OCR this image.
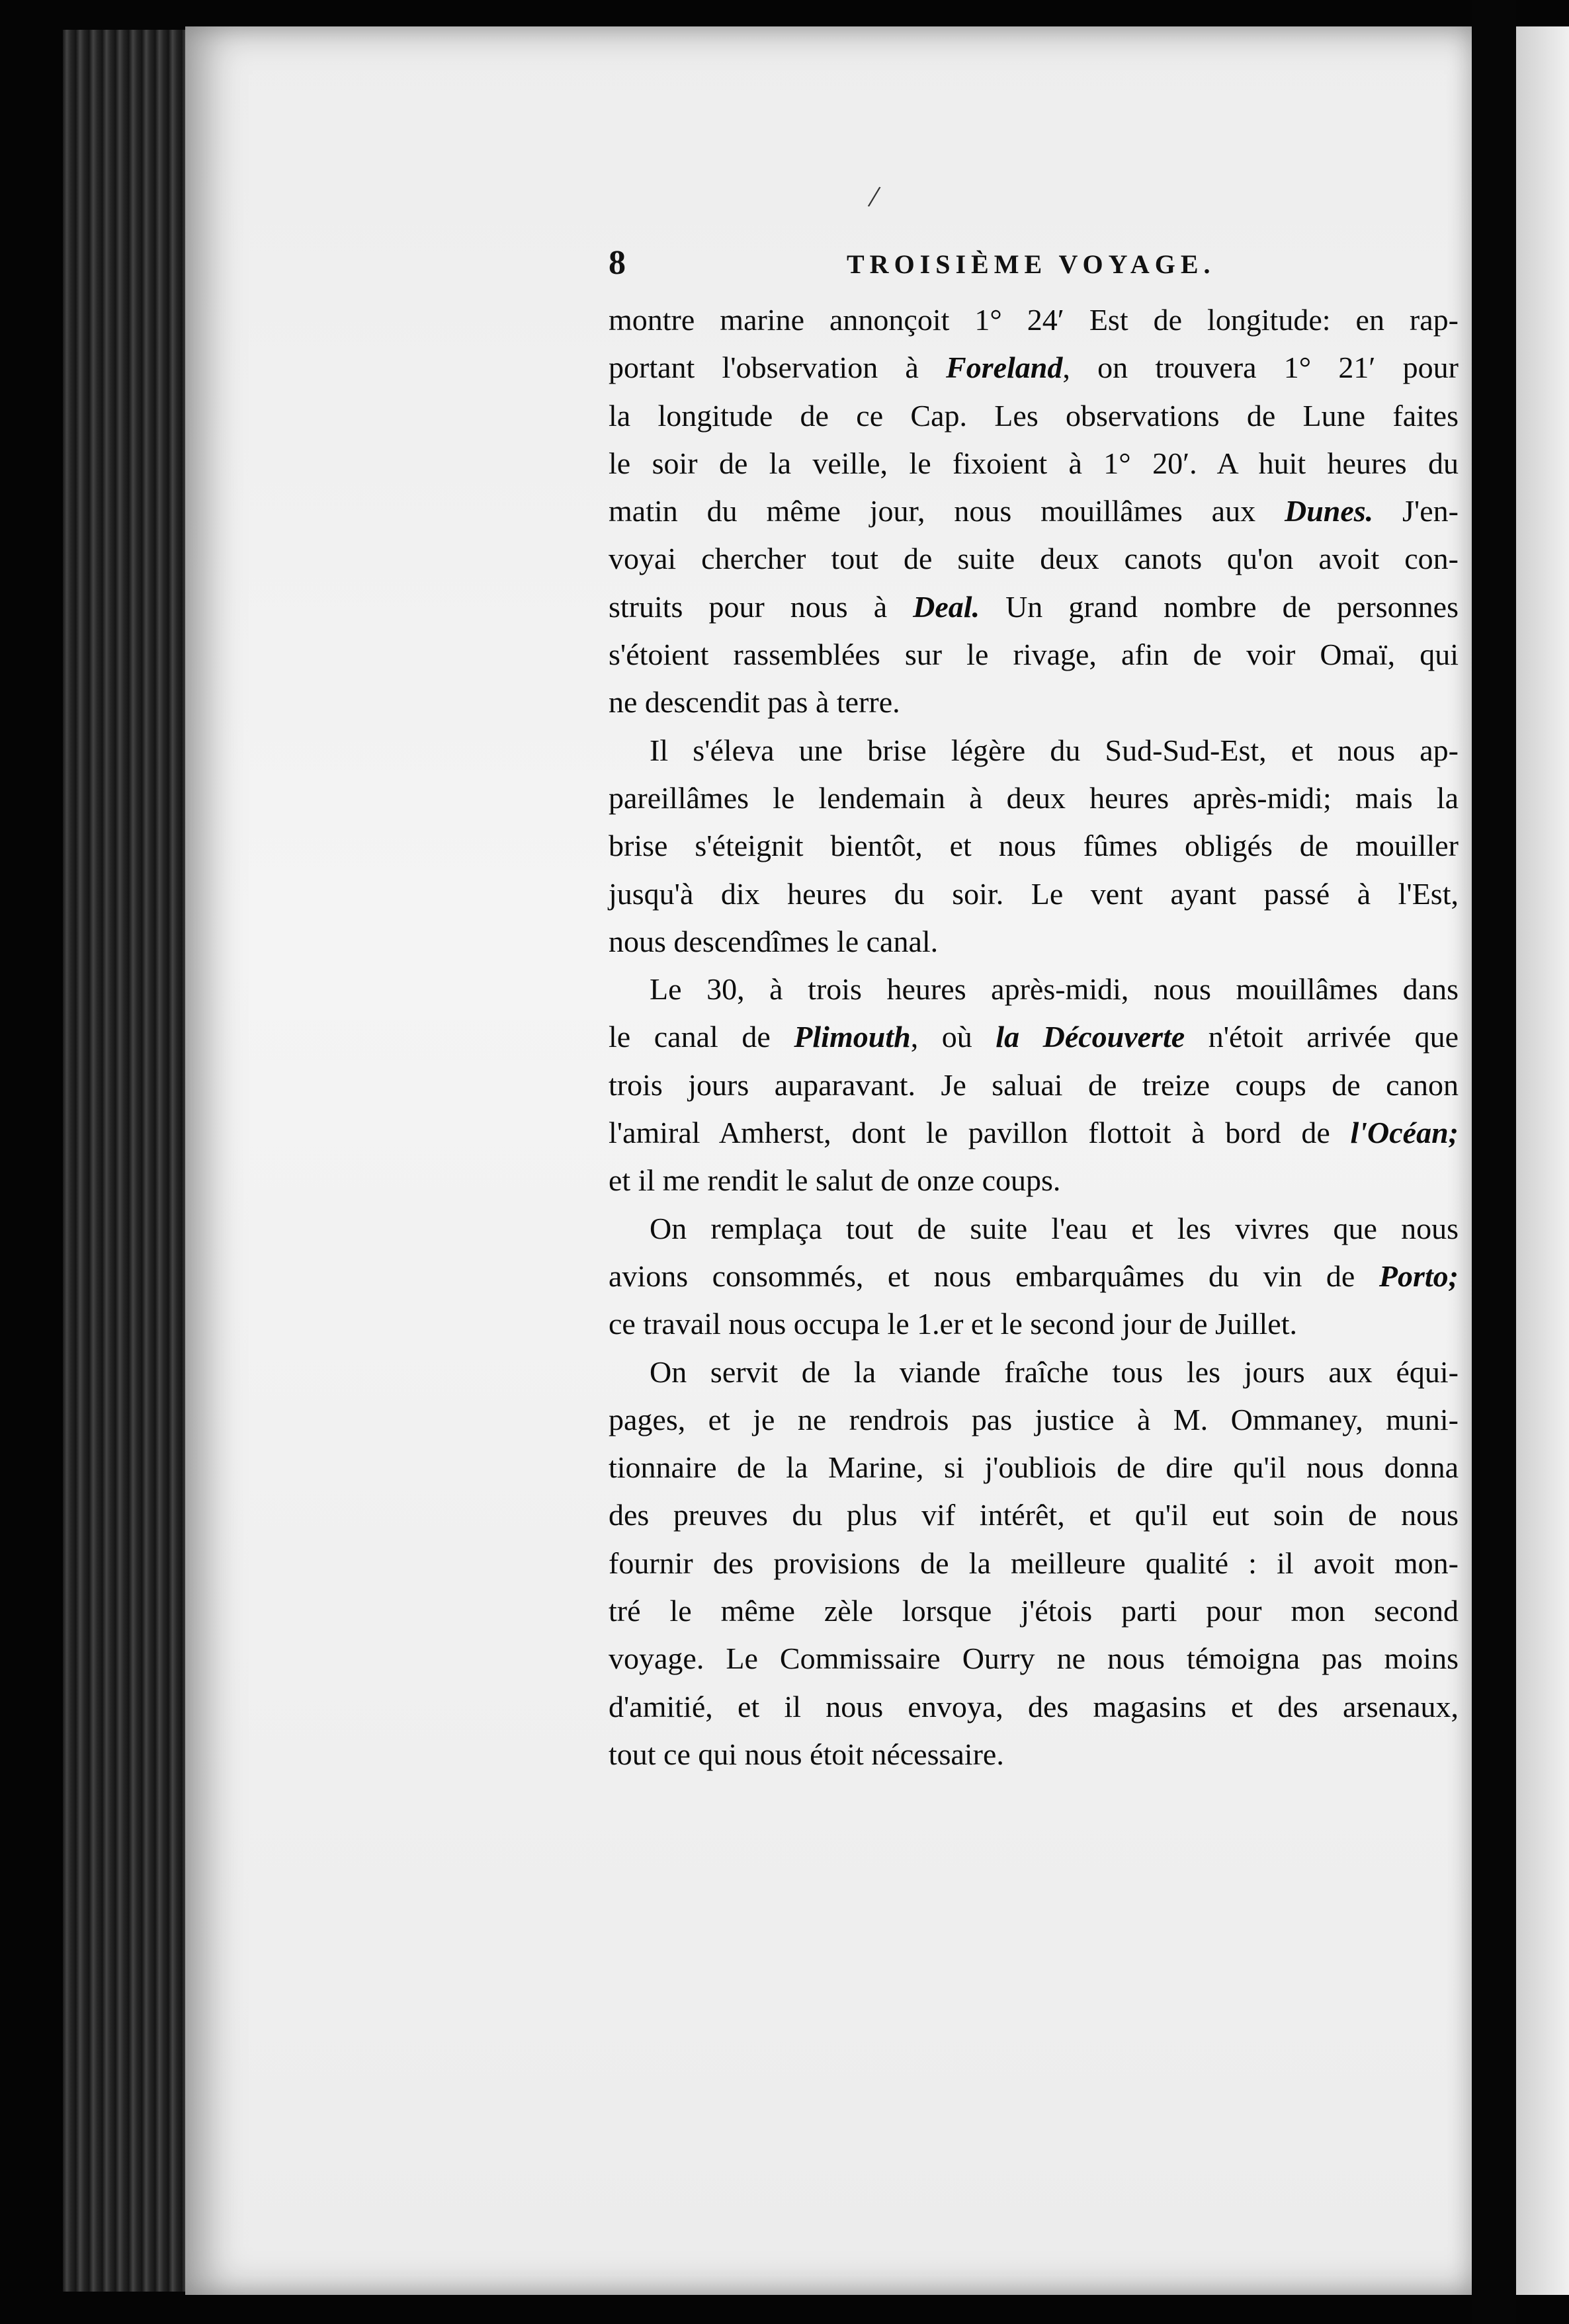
/
8	TROISIÈME VOYAGE.
montre marine annonçoit 1° 24′ Est de longitude: en rap-
portant l'observation à Foreland, on trouvera 1° 21′ pour
la longitude de ce Cap. Les observations de Lune faites
le soir de la veille, le fixoient à 1° 20′. A huit heures du
matin du même jour, nous mouillâmes aux Dunes. J'en-
voyai chercher tout de suite deux canots qu'on avoit con-
struits pour nous à Deal. Un grand nombre de personnes
s'étoient rassemblées sur le rivage, afin de voir Omaï, qui
ne descendit pas à terre.
Il s'éleva une brise légère du Sud-Sud-Est, et nous ap-
pareillâmes le lendemain à deux heures après-midi; mais la
brise s'éteignit bientôt, et nous fûmes obligés de mouiller
jusqu'à dix heures du soir. Le vent ayant passé à l'Est,
nous descendîmes le canal.
Le 30, à trois heures après-midi, nous mouillâmes dans
le canal de Plimouth, où la Découverte n'étoit arrivée que
trois jours auparavant. Je saluai de treize coups de canon
l'amiral Amherst, dont le pavillon flottoit à bord de l'Océan;
et il me rendit le salut de onze coups.
On remplaça tout de suite l'eau et les vivres que nous
avions consommés, et nous embarquâmes du vin de Porto;
ce travail nous occupa le 1.er et le second jour de Juillet.
On servit de la viande fraîche tous les jours aux équi-
pages, et je ne rendrois pas justice à M. Ommaney, muni-
tionnaire de la Marine, si j'oubliois de dire qu'il nous donna
des preuves du plus vif intérêt, et qu'il eut soin de nous
fournir des provisions de la meilleure qualité : il avoit mon-
tré le même zèle lorsque j'étois parti pour mon second
voyage. Le Commissaire Ourry ne nous témoigna pas moins
d'amitié, et il nous envoya, des magasins et des arsenaux,
tout ce qui nous étoit nécessaire.
